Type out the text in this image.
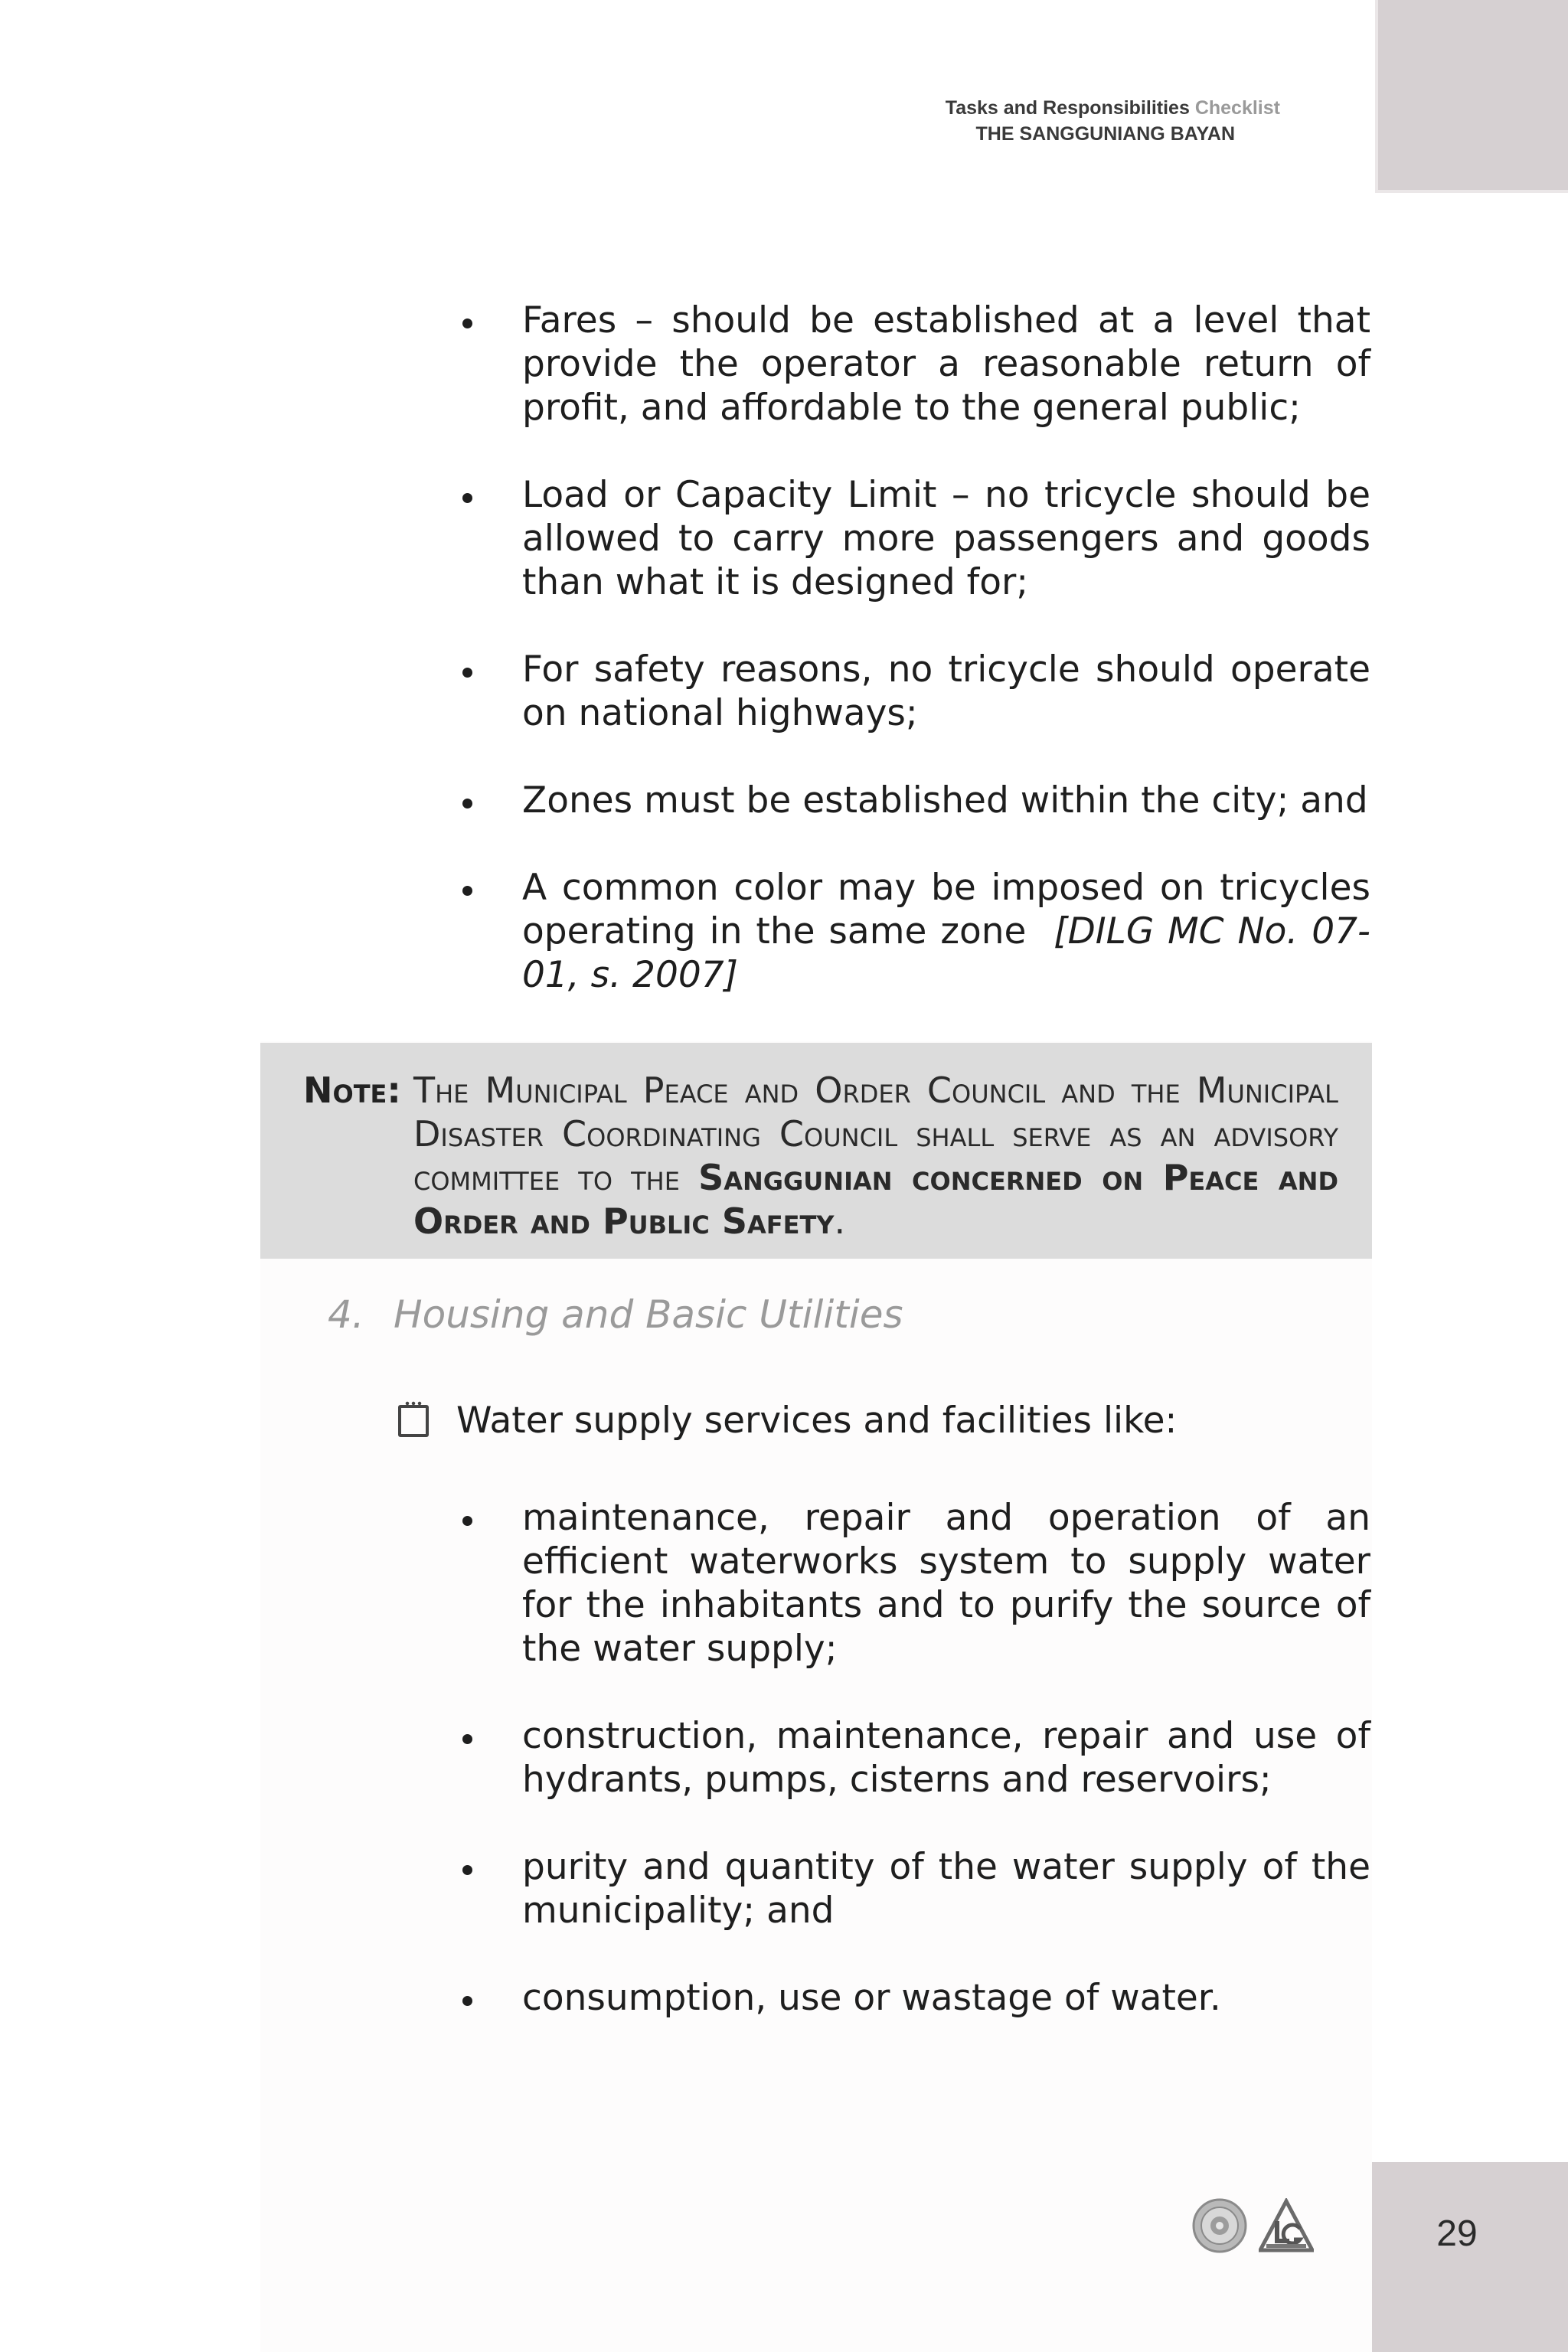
Tasks and Responsibilities Checklist
THE SANGGUNIANG BAYAN
Fares – should be established at a level that provide the operator a reasonable return of profit, and affordable to the general public;
Load or Capacity Limit – no tricycle should be allowed to carry more passengers and goods than what it is designed for;
For safety reasons, no tricycle should operate on national highways;
Zones must be established within the city; and
A common color may be imposed on tricycles operating in the same zone [DILG MC No. 07-01, s. 2007]
Note: The Municipal Peace and Order Council and the Municipal Disaster Coordinating Council shall serve as an advisory committee to the Sanggunian concerned on Peace and Order and Public Safety.
4. Housing and Basic Utilities
Water supply services and facilities like:
maintenance, repair and operation of an efficient waterworks system to supply water for the inhabitants and to purify the source of the water supply;
construction, maintenance, repair and use of hydrants, pumps, cisterns and reservoirs;
purity and quantity of the water supply of the municipality; and
consumption, use or wastage of water.
29
